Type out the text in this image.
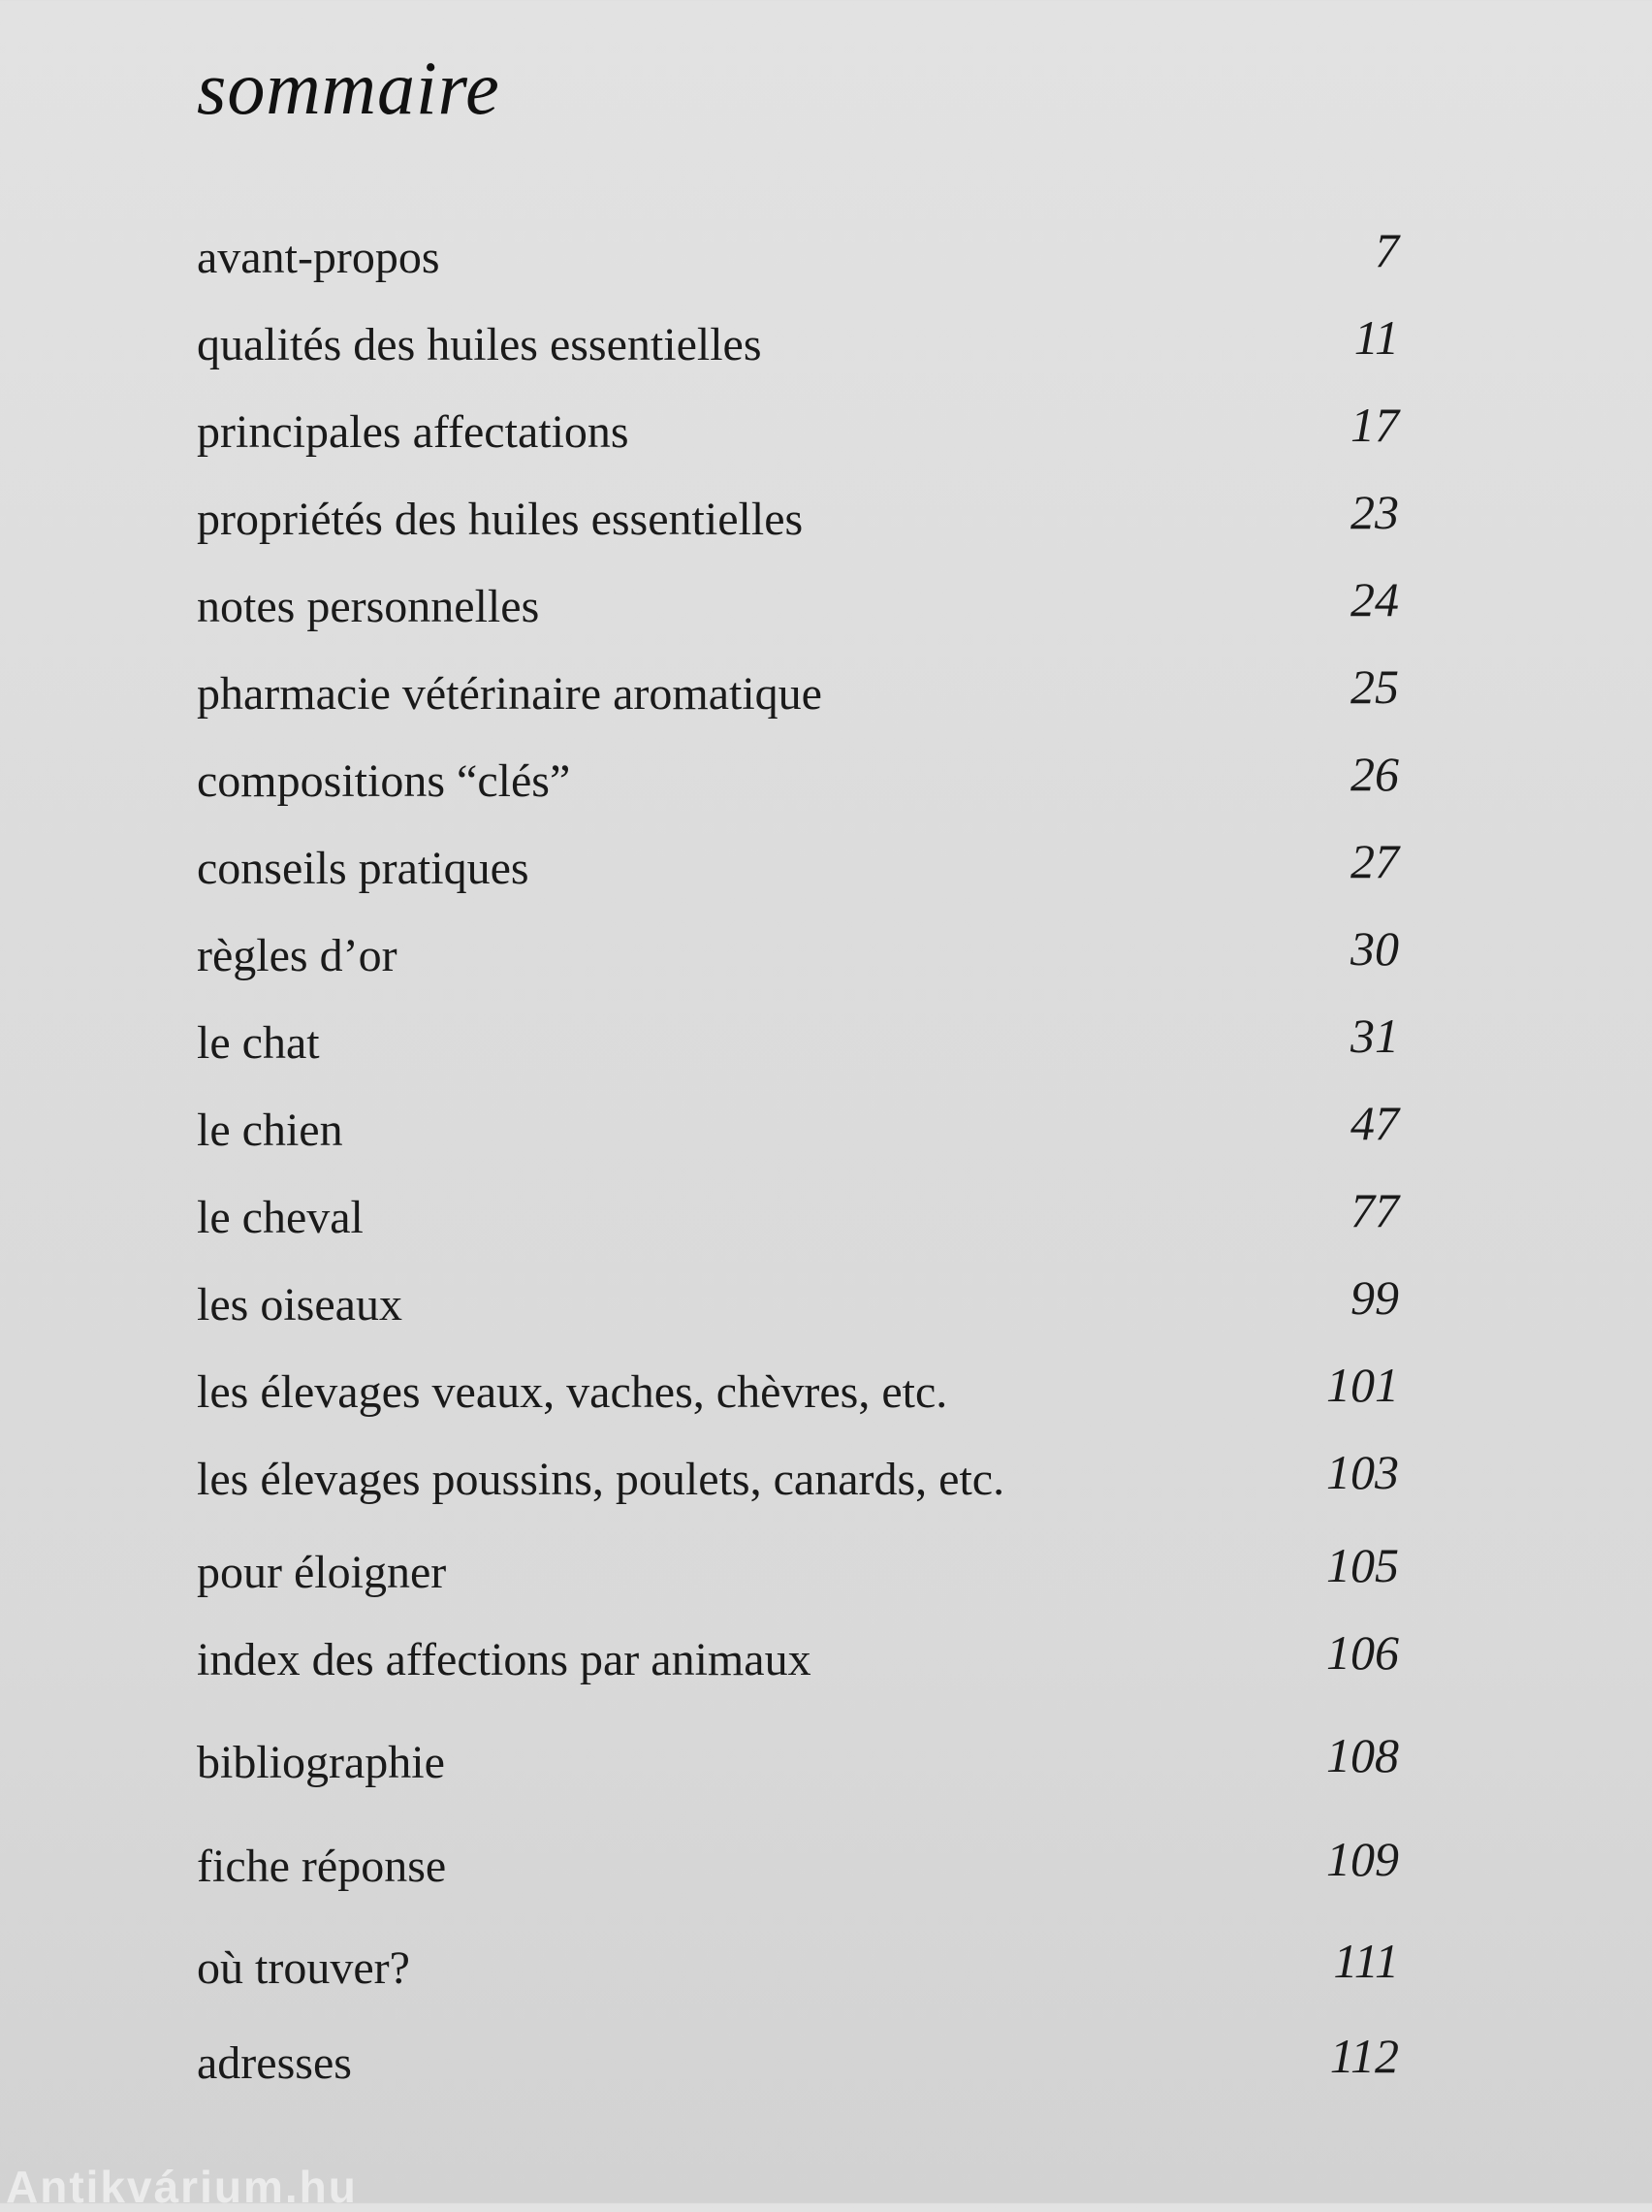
sommaire
avant-propos	7
qualités des huiles essentielles	11
principales affectations	17
propriétés des huiles essentielles	23
notes personnelles	24
pharmacie vétérinaire aromatique	25
compositions “clés”	26
conseils pratiques	27
règles d’or	30
le chat	31
le chien	47
le cheval	77
les oiseaux	99
les élevages veaux, vaches, chèvres, etc.	101
les élevages poussins, poulets, canards, etc.	103
pour éloigner	105
index des affections par animaux	106
bibliographie	108
fiche réponse	109
où trouver?	111
adresses	112
Antikvárium.hu
